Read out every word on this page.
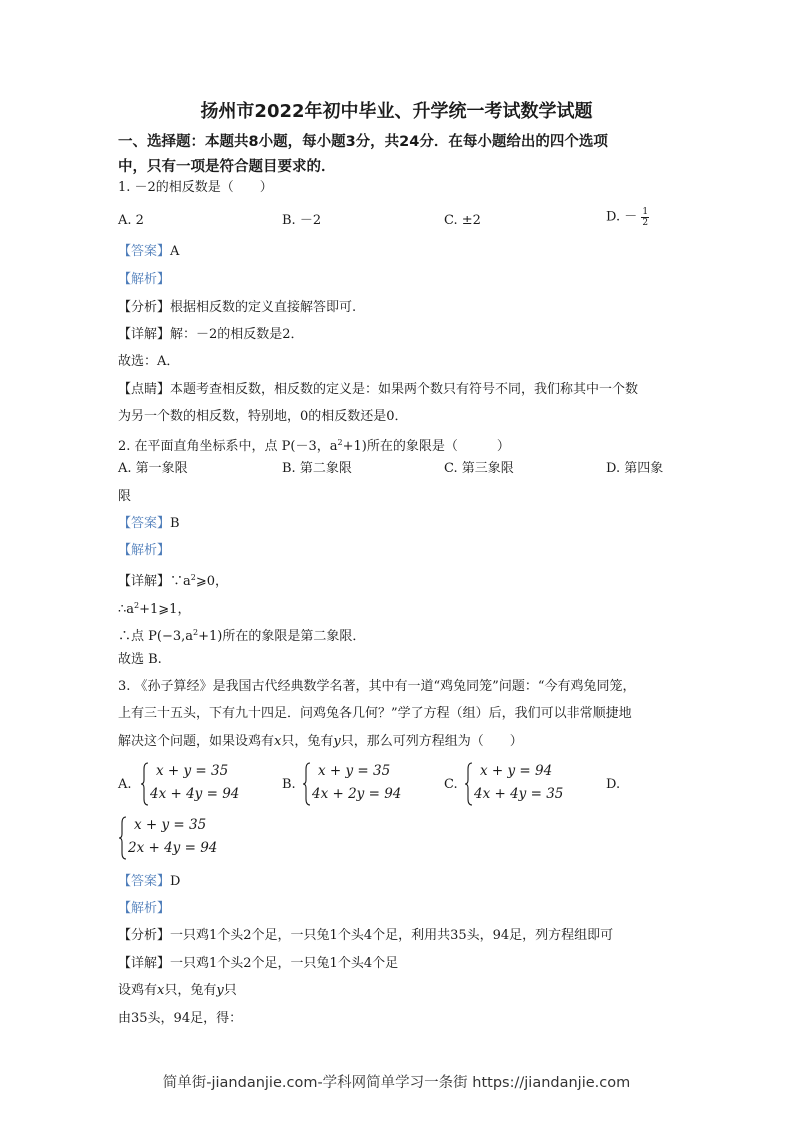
扬州市2022年初中毕业、升学统一考试数学试题
一、选择题：本题共8小题，每小题3分，共24分．在每小题给出的四个选项
中，只有一项是符合题目要求的．
1. －2的相反数是（　　）
A. 2	B. －2	C. ±2	D. － $\frac{1}{2}$
【答案】A
【解析】
【分析】根据相反数的定义直接解答即可.
【详解】解：－2的相反数是2．
故选：A．
【点睛】本题考查相反数，相反数的定义是：如果两个数只有符号不同，我们称其中一个数
为另一个数的相反数，特别地，0的相反数还是0．
2. 在平面直角坐标系中，点 P(－3，$a^2+1$)所在的象限是（　　　）
A. 第一象限	B. 第二象限	C. 第三象限	D. 第四象
限
【答案】B
【解析】
【详解】$\because a^2⩾0$，
$\therefore a^2+1⩾1$，
∴点 $P(-3,a^2+1)$所在的象限是第二象限．
故选 B.
3. 《孙子算经》是我国古代经典数学名著，其中有一道“鸡兔同笼”问题：“今有鸡兔同笼，
上有三十五头，下有九十四足．问鸡兔各几何？”学了方程（组）后，我们可以非常顺捷地
解决这个问题，如果设鸡有x只，兔有y只，那么可列方程组为（　　）
A.
x + y = 35
4x + 4y = 94
B.
x + y = 35
4x + 2y = 94
C.
x + y = 94
4x + 4y = 35
D.
x + y = 35
2x + 4y = 94
【答案】D
【解析】
【分析】一只鸡1个头2个足，一只兔1个头4个足，利用共35头，94足，列方程组即可
【详解】一只鸡1个头2个足，一只兔1个头4个足
设鸡有x只，兔有y只
由35头，94足，得：
简单街-jiandanjie.com-学科网简单学习一条街 https://jiandanjie.com
